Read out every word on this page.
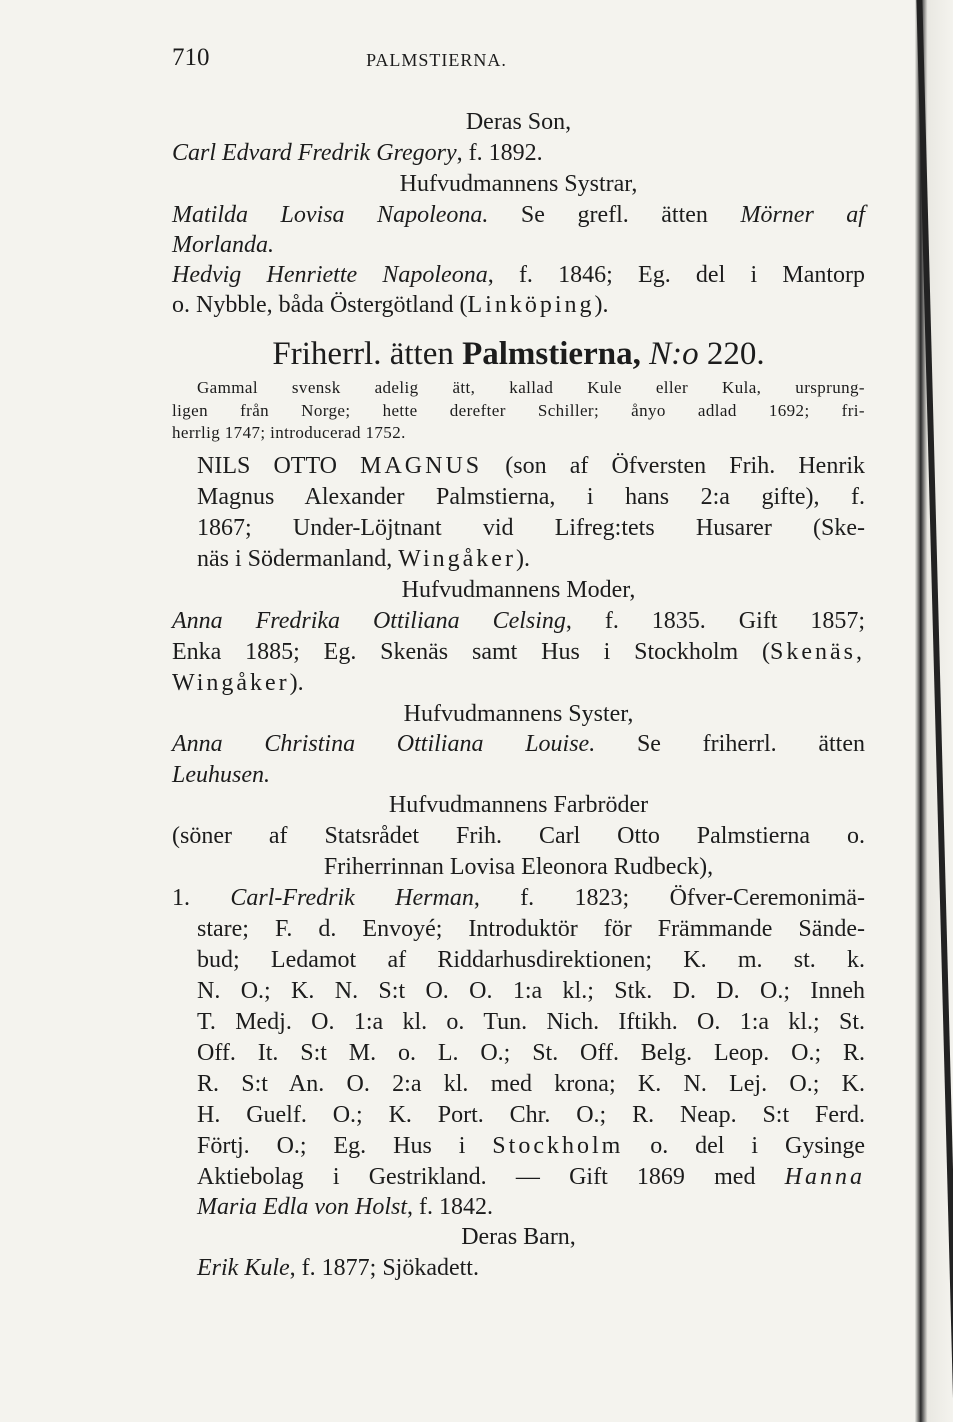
710	PALMSTIERNA.
Deras Son,
Carl Edvard Fredrik Gregory, f. 1892.
Hufvudmannens Systrar,
Matilda Lovisa Napoleona. Se grefl. ätten Mörner af
Morlanda.
Hedvig Henriette Napoleona, f. 1846; Eg. del i Mantorp
o. Nybble, båda Östergötland (Linköping).
Friherrl. ätten Palmstierna, N:o 220.
Gammal svensk adelig ätt, kallad Kule eller Kula, ursprung-
ligen från Norge; hette derefter Schiller; ånyo adlad 1692; fri-
herrlig 1747; introducerad 1752.
NILS OTTO MAGNUS (son af Öfversten Frih. Henrik
Magnus Alexander Palmstierna, i hans 2:a gifte), f.
1867; Under-Löjtnant vid Lifreg:tets Husarer (Ske-
näs i Södermanland, Wingåker).
Hufvudmannens Moder,
Anna Fredrika Ottiliana Celsing, f. 1835. Gift 1857;
Enka 1885; Eg. Skenäs samt Hus i Stockholm (Skenäs,
Wingåker).
Hufvudmannens Syster,
Anna Christina Ottiliana Louise. Se friherrl. ätten
Leuhusen.
Hufvudmannens Farbröder
(söner af Statsrådet Frih. Carl Otto Palmstierna o.
Friherrinnan Lovisa Eleonora Rudbeck),
1. Carl-Fredrik Herman, f. 1823; Öfver-Ceremonimä-
stare; F. d. Envoyé; Introduktör för Främmande Sände-
bud; Ledamot af Riddarhusdirektionen; K. m. st. k.
N. O.; K. N. S:t O. O. 1:a kl.; Stk. D. D. O.; Inneh
T. Medj. O. 1:a kl. o. Tun. Nich. Iftikh. O. 1:a kl.; St.
Off. It. S:t M. o. L. O.; St. Off. Belg. Leop. O.; R.
R. S:t An. O. 2:a kl. med krona; K. N. Lej. O.; K.
H. Guelf. O.; K. Port. Chr. O.; R. Neap. S:t Ferd.
Förtj. O.; Eg. Hus i Stockholm o. del i Gysinge
Aktiebolag i Gestrikland. — Gift 1869 med Hanna
Maria Edla von Holst, f. 1842.
Deras Barn,
Erik Kule, f. 1877; Sjökadett.
